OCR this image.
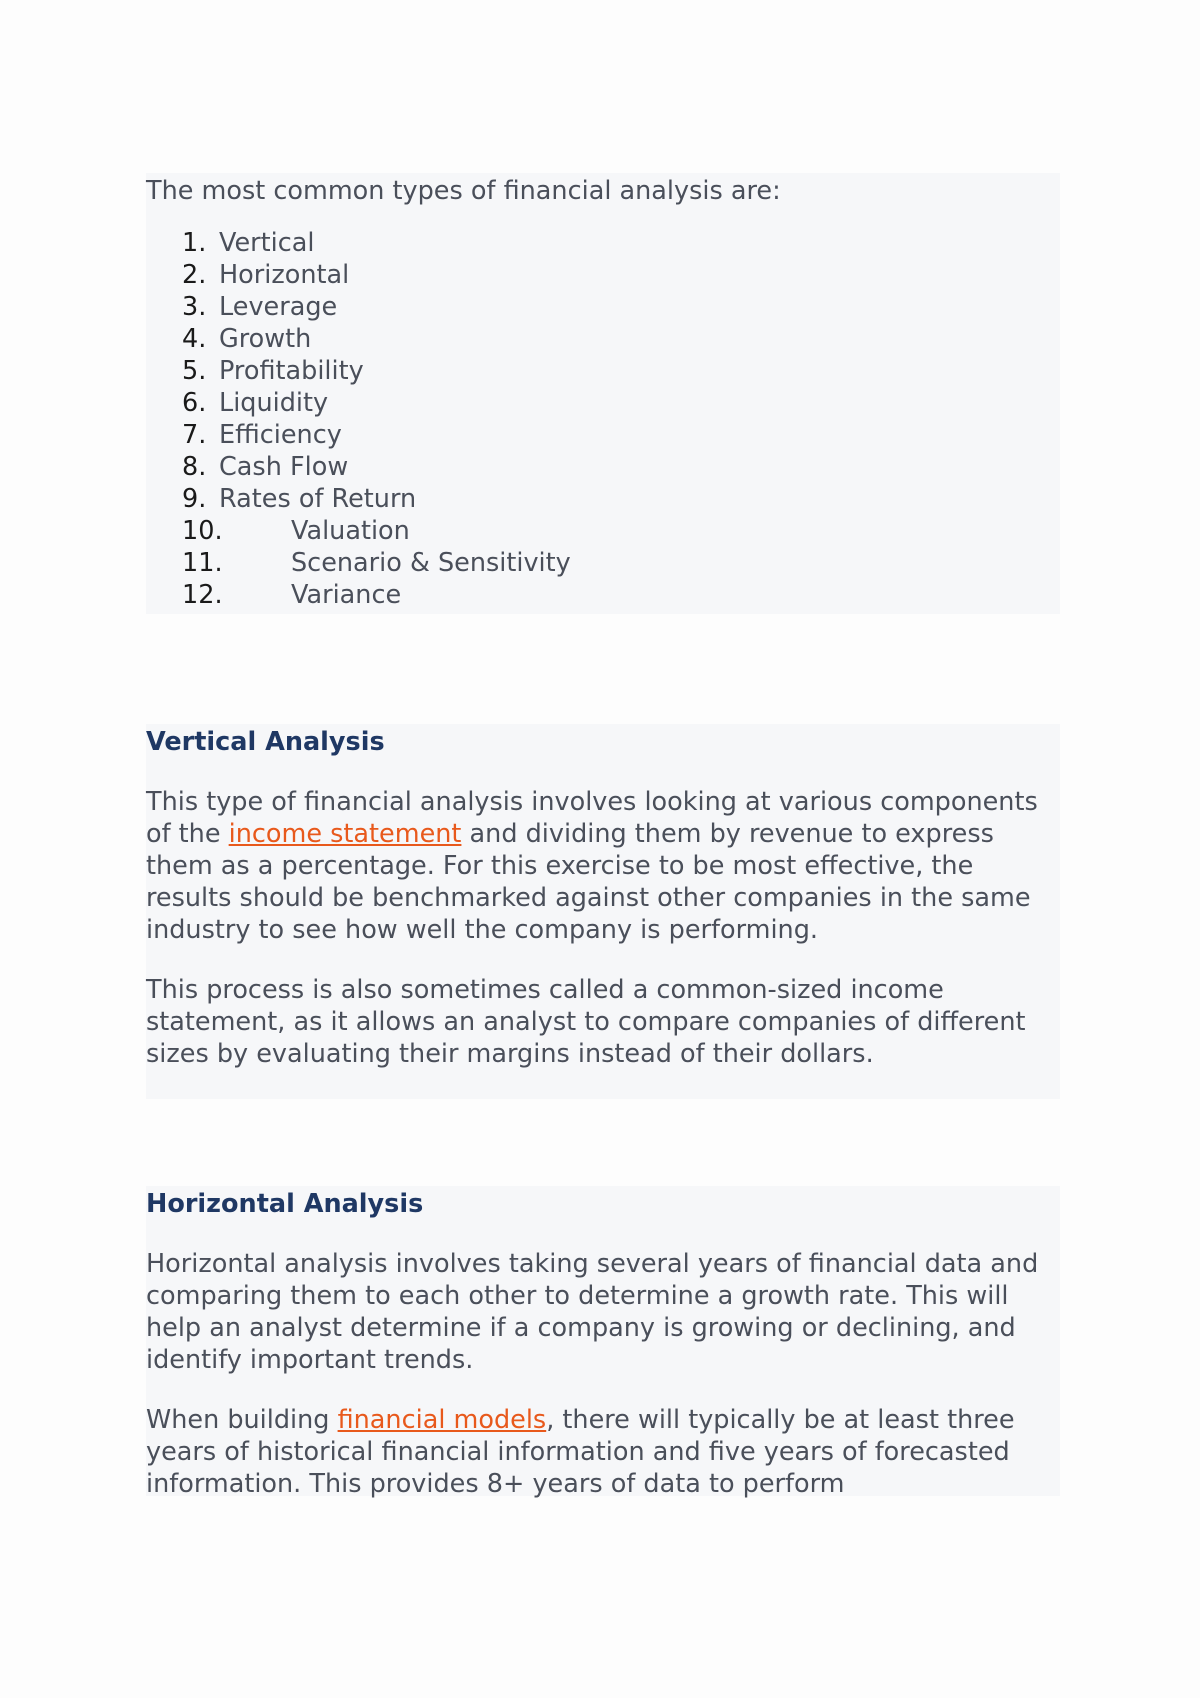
The most common types of financial analysis are:

1. Vertical
2. Horizontal
3. Leverage
4. Growth
5. Profitability
6. Liquidity
7. Efficiency
8. Cash Flow
9. Rates of Return
10.	Valuation
11.	Scenario & Sensitivity
12.	Variance
Vertical Analysis

This type of financial analysis involves looking at various components of the income statement and dividing them by revenue to express them as a percentage. For this exercise to be most effective, the results should be benchmarked against other companies in the same industry to see how well the company is performing.

This process is also sometimes called a common-sized income statement, as it allows an analyst to compare companies of different sizes by evaluating their margins instead of their dollars.

Horizontal Analysis

Horizontal analysis involves taking several years of financial data and comparing them to each other to determine a growth rate. This will help an analyst determine if a company is growing or declining, and identify important trends.

When building financial models, there will typically be at least three years of historical financial information and five years of forecasted information. This provides 8+ years of data to perform
